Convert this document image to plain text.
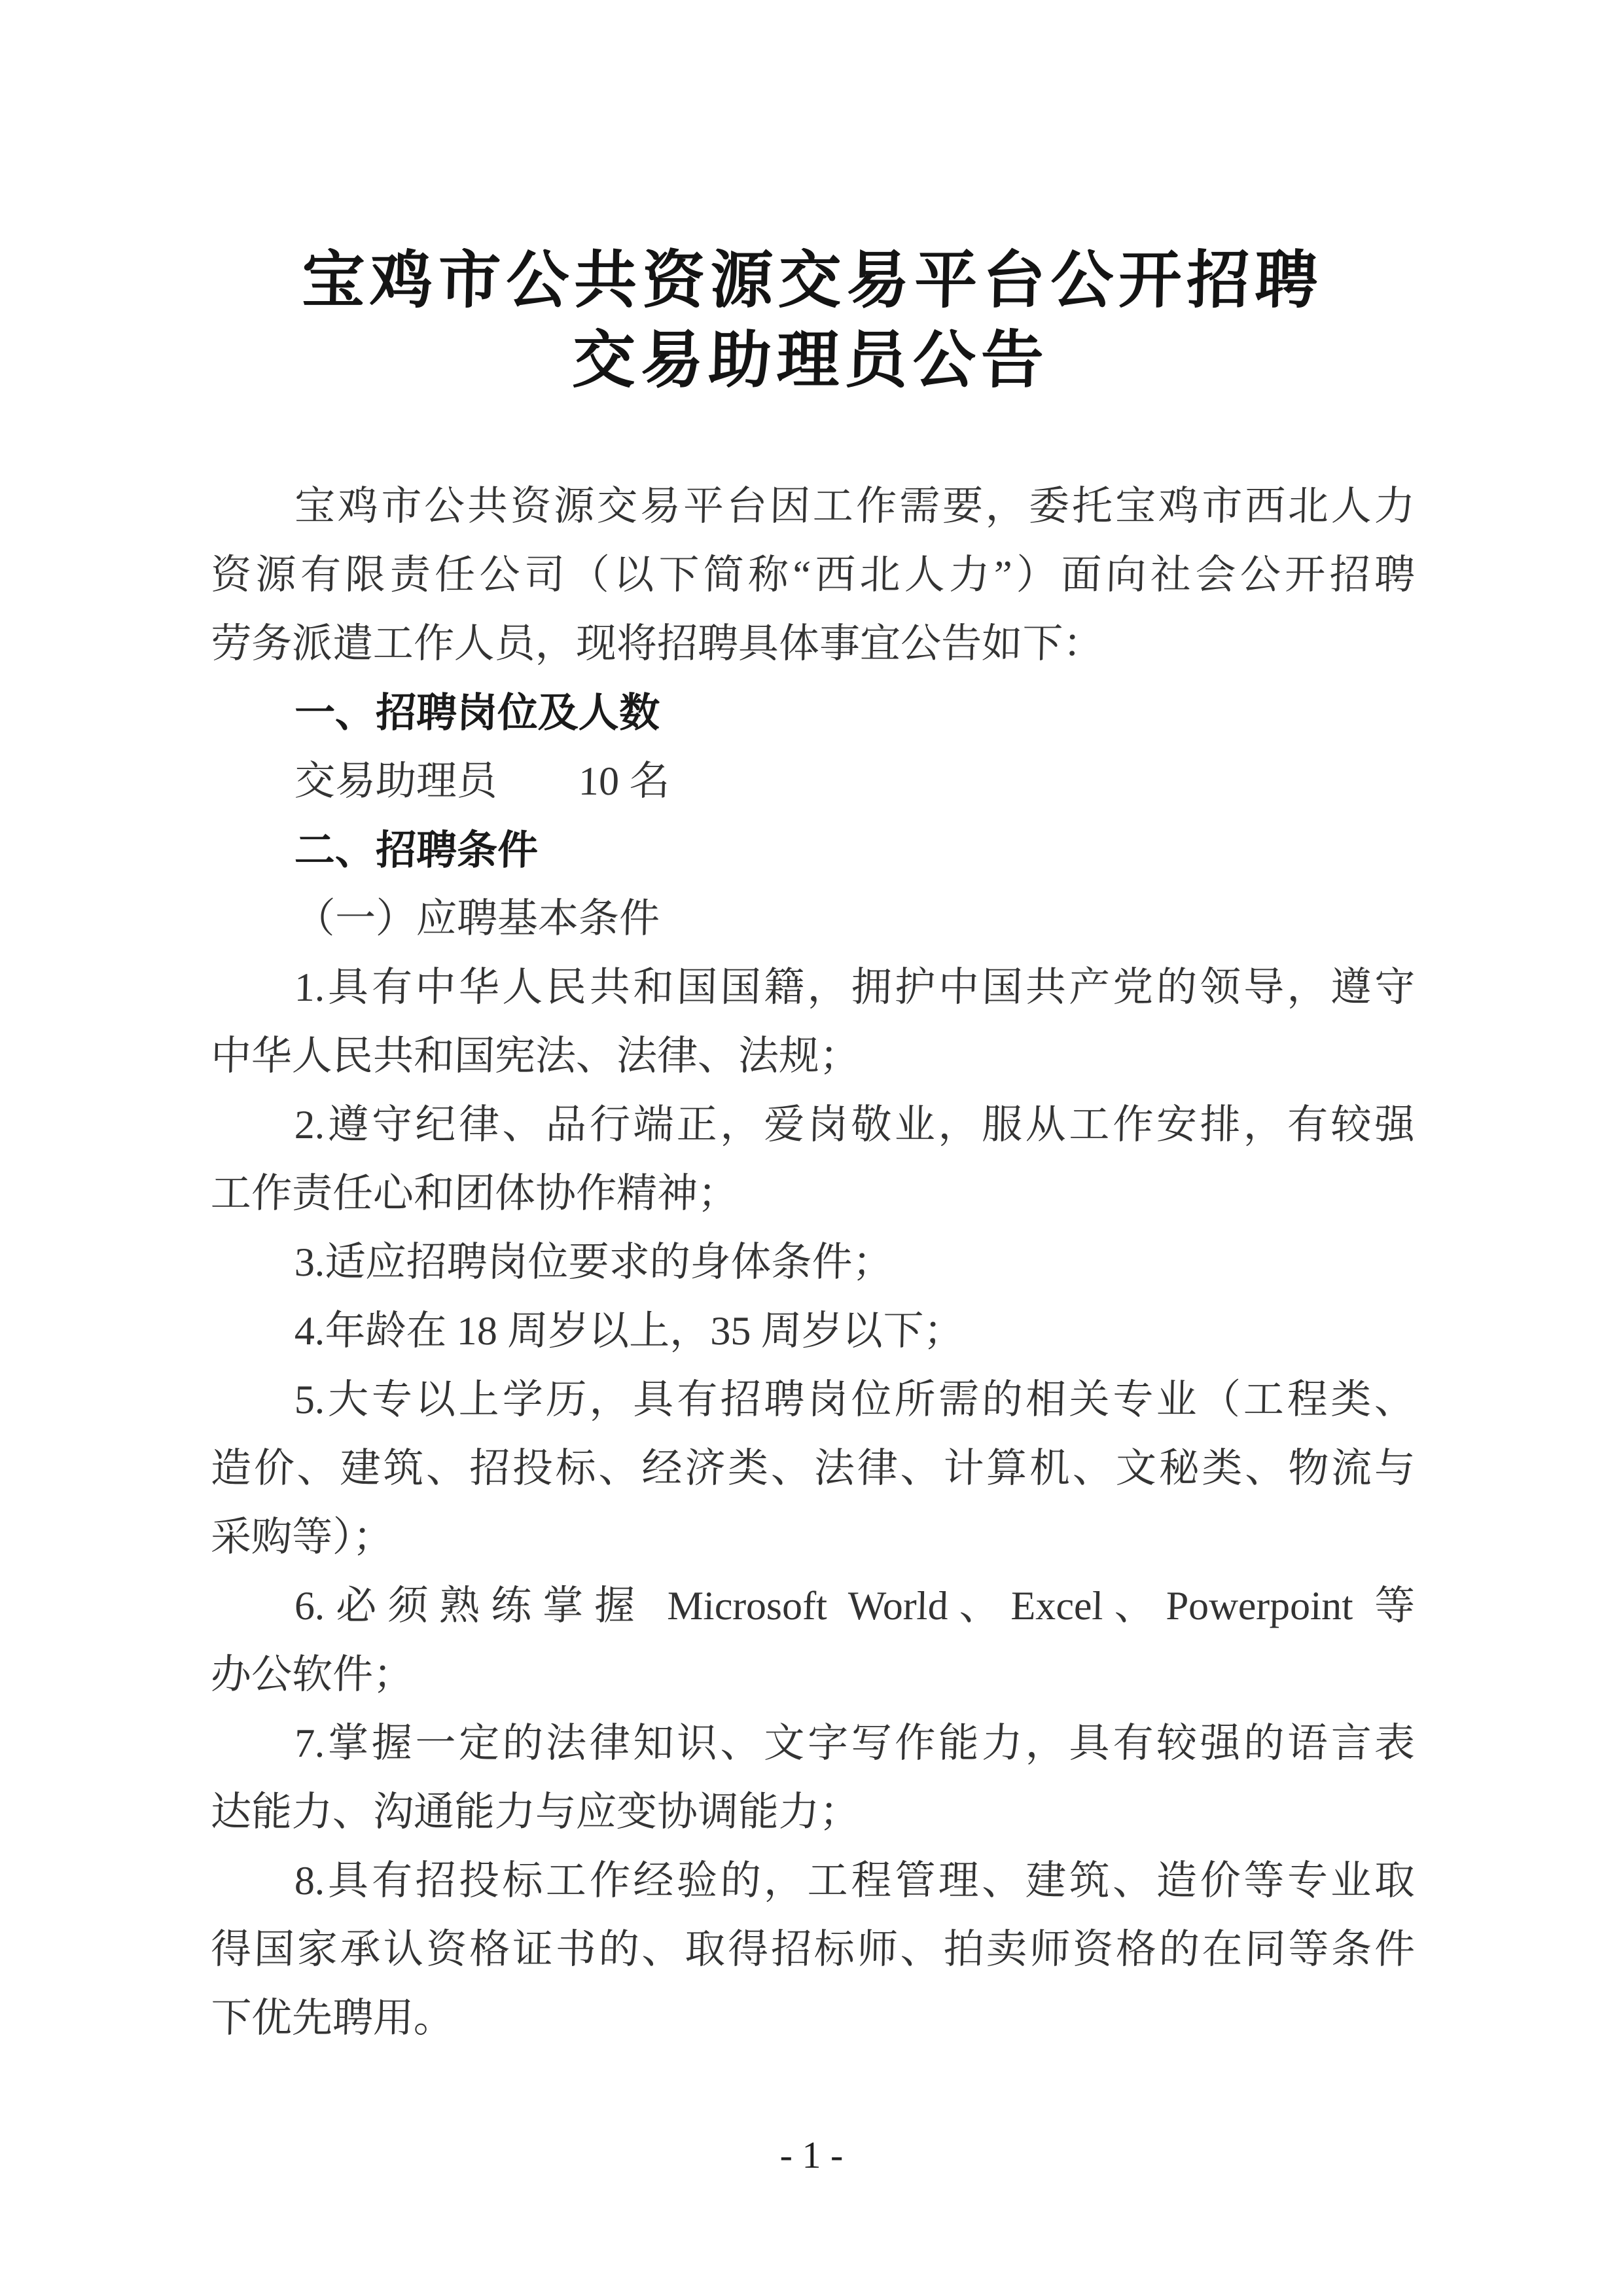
宝鸡市公共资源交易平台公开招聘
交易助理员公告
宝鸡市公共资源交易平台因工作需要，委托宝鸡市西北人力
资源有限责任公司（以下简称“西北人力”）面向社会公开招聘
劳务派遣工作人员，现将招聘具体事宜公告如下：
一、招聘岗位及人数
交易助理员　　10 名
二、招聘条件
（一）应聘基本条件
1.具有中华人民共和国国籍，拥护中国共产党的领导，遵守
中华人民共和国宪法、法律、法规；
2.遵守纪律、品行端正，爱岗敬业，服从工作安排，有较强
工作责任心和团体协作精神；
3.适应招聘岗位要求的身体条件；
4.年龄在 18 周岁以上，35 周岁以下；
5.大专以上学历，具有招聘岗位所需的相关专业（工程类、
造价、建筑、招投标、经济类、法律、计算机、文秘类、物流与
采购等）；
6.必须熟练掌握 Microsoft World、Excel、Powerpoint 等
办公软件；
7.掌握一定的法律知识、文字写作能力，具有较强的语言表
达能力、沟通能力与应变协调能力；
8.具有招投标工作经验的，工程管理、建筑、造价等专业取
得国家承认资格证书的、取得招标师、拍卖师资格的在同等条件
下优先聘用。
- 1 -
